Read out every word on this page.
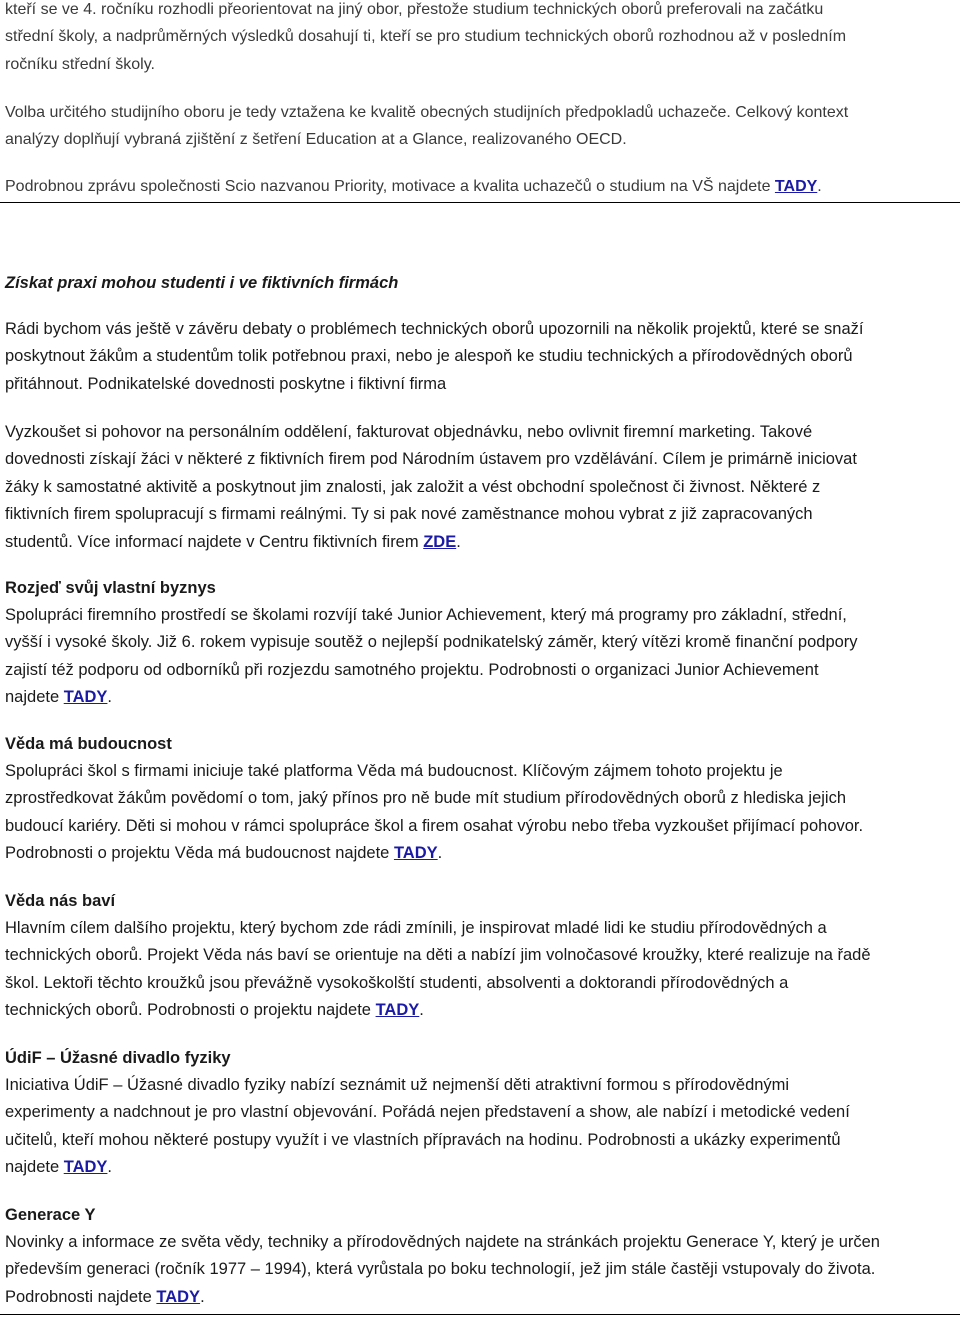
kteří se ve 4. ročníku rozhodli přeorientovat na jiný obor, přestože studium technických oborů preferovali na začátku
střední školy, a nadprůměrných výsledků dosahují ti, kteří se pro studium technických oborů rozhodnou až v posledním
ročníku střední školy.

Volba určitého studijního oboru je tedy vztažena ke kvalitě obecných studijních předpokladů uchazeče. Celkový kontext
analýzy doplňují vybraná zjištění z šetření Education at a Glance, realizovaného OECD.

Podrobnou zprávu společnosti Scio nazvanou Priority, motivace a kvalita uchazečů o studium na VŠ najdete TADY.

Získat praxi mohou studenti i ve fiktivních firmách

Rádi bychom vás ještě v závěru debaty o problémech technických oborů upozornili na několik projektů, které se snaží
poskytnout žákům a studentům tolik potřebnou praxi, nebo je alespoň ke studiu technických a přírodovědných oborů
přitáhnout. Podnikatelské dovednosti poskytne i fiktivní firma

Vyzkoušet si pohovor na personálním oddělení, fakturovat objednávku, nebo ovlivnit firemní marketing. Takové
dovednosti získají žáci v některé z fiktivních firem pod Národním ústavem pro vzdělávání. Cílem je primárně iniciovat
žáky k samostatné aktivitě a poskytnout jim znalosti, jak založit a vést obchodní společnost či živnost. Některé z
fiktivních firem spolupracují s firmami reálnými. Ty si pak nové zaměstnance mohou vybrat z již zapracovaných
studentů. Více informací najdete v Centru fiktivních firem ZDE.

Rozjeď svůj vlastní byznys

Spolupráci firemního prostředí se školami rozvíjí také Junior Achievement, který má programy pro základní, střední,
vyšší i vysoké školy. Již 6. rokem vypisuje soutěž o nejlepší podnikatelský záměr, který vítězi kromě finanční podpory
zajistí též podporu od odborníků při rozjezdu samotného projektu. Podrobnosti o organizaci Junior Achievement
najdete TADY.

Věda má budoucnost

Spolupráci škol s firmami iniciuje také platforma Věda má budoucnost. Klíčovým zájmem tohoto projektu je
zprostředkovat žákům povědomí o tom, jaký přínos pro ně bude mít studium přírodovědných oborů z hlediska jejich
budoucí kariéry. Děti si mohou v rámci spolupráce škol a firem osahat výrobu nebo třeba vyzkoušet přijímací pohovor.
Podrobnosti o projektu Věda má budoucnost najdete TADY.

Věda nás baví

Hlavním cílem dalšího projektu, který bychom zde rádi zmínili, je inspirovat mladé lidi ke studiu přírodovědných a
technických oborů. Projekt Věda nás baví se orientuje na děti a nabízí jim volnočasové kroužky, které realizuje na řadě
škol. Lektoři těchto kroužků jsou převážně vysokoškolští studenti, absolventi a doktorandi přírodovědných a
technických oborů. Podrobnosti o projektu najdete TADY.

ÚdiF – Úžasné divadlo fyziky

Iniciativa ÚdiF – Úžasné divadlo fyziky nabízí seznámit už nejmenší děti atraktivní formou s přírodovědnými
experimenty a nadchnout je pro vlastní objevování. Pořádá nejen představení a show, ale nabízí i metodické vedení
učitelů, kteří mohou některé postupy využít i ve vlastních přípravách na hodinu. Podrobnosti a ukázky experimentů
najdete TADY.

Generace Y

Novinky a informace ze světa vědy, techniky a přírodovědných najdete na stránkách projektu Generace Y, který je určen
především generaci (ročník 1977 – 1994), která vyrůstala po boku technologií, jež jim stále častěji vstupovaly do života.
Podrobnosti najdete TADY.
